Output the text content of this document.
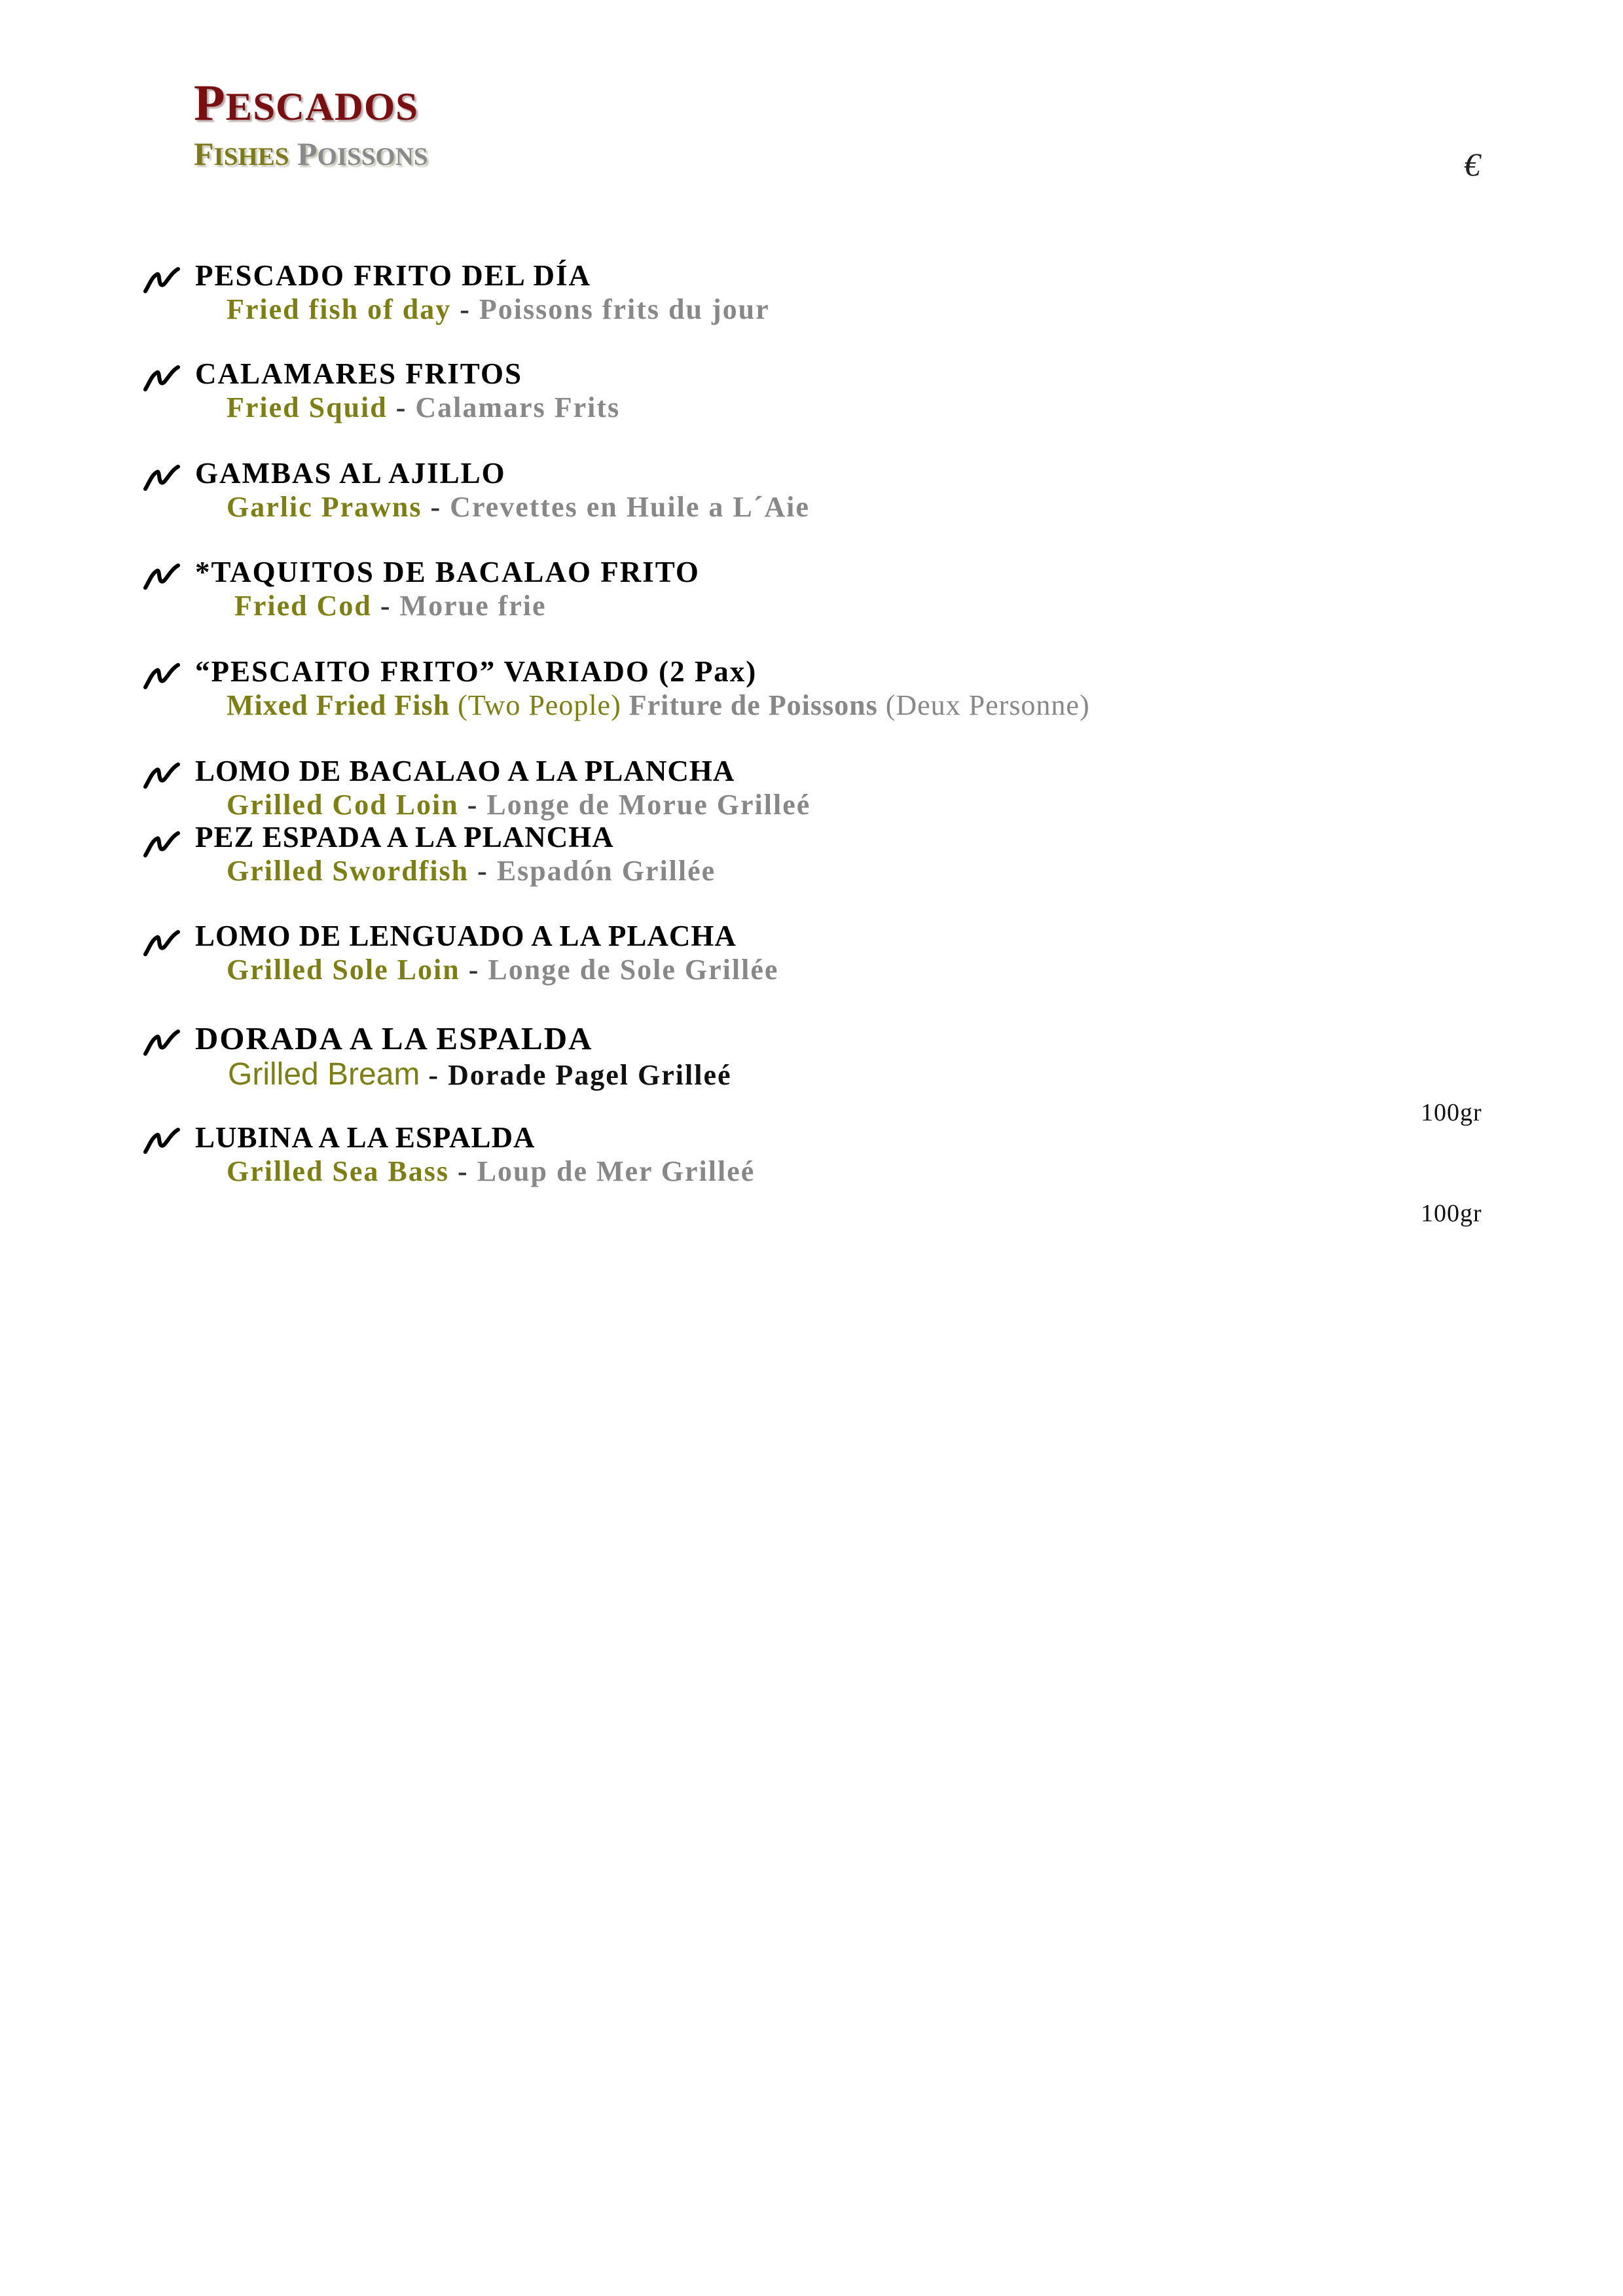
PESCADOS
FISHES POISSONS	€
PESCADO FRITO DEL DÍA
Fried fish of day - Poissons frits du jour
CALAMARES FRITOS
Fried Squid - Calamars Frits
GAMBAS AL AJILLO
Garlic Prawns - Crevettes en Huile a L´Aie
*TAQUITOS DE BACALAO FRITO
Fried Cod - Morue frie
“PESCAITO FRITO” VARIADO (2 Pax)
Mixed Fried Fish (Two People) Friture de Poissons (Deux Personne)
LOMO DE BACALAO A LA PLANCHA
Grilled Cod Loin - Longe de Morue Grilleé
PEZ ESPADA A LA PLANCHA
Grilled Swordfish - Espadón Grillée
LOMO DE LENGUADO A LA PLACHA
Grilled Sole Loin - Longe de Sole Grillée
DORADA A LA ESPALDA
Grilled Bream - Dorade Pagel Grilleé
100gr
LUBINA A LA ESPALDA
Grilled Sea Bass - Loup de Mer Grilleé
100gr
